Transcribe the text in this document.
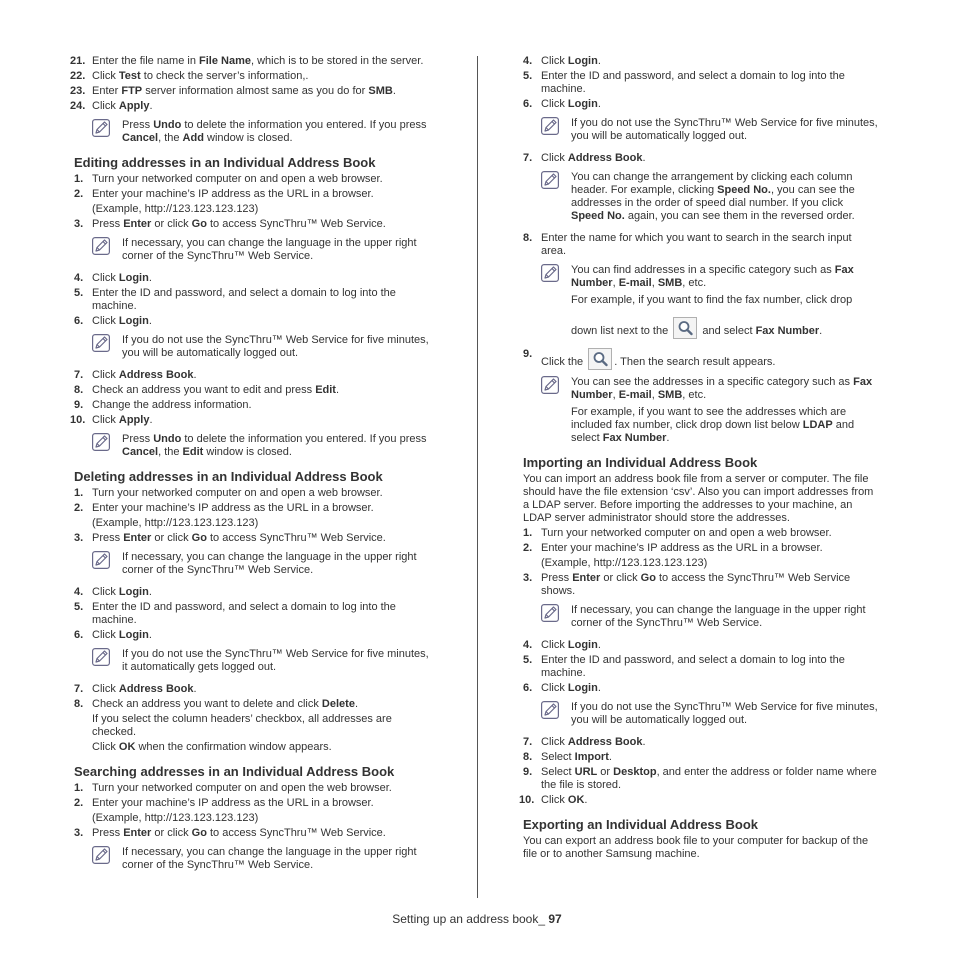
21. Enter the file name in File Name, which is to be stored in the server.
22. Click Test to check the server’s information,.
23. Enter FTP server information almost same as you do for SMB.
24. Click Apply.

Press Undo to delete the information you entered. If you press
Cancel, the Add window is closed.

Editing addresses in an Individual Address Book
1. Turn your networked computer on and open a web browser.
2. Enter your machine’s IP address as the URL in a browser.
(Example, http://123.123.123.123)
3. Press Enter or click Go to access SyncThru™ Web Service.

If necessary, you can change the language in the upper right
corner of the SyncThru™ Web Service.

4. Click Login.
5. Enter the ID and password, and select a domain to log into the
machine.
6. Click Login.

If you do not use the SyncThru™ Web Service for five minutes,
you will be automatically logged out.

7. Click Address Book.
8. Check an address you want to edit and press Edit.
9. Change the address information.
10. Click Apply.

Press Undo to delete the information you entered. If you press
Cancel, the Edit window is closed.

Deleting addresses in an Individual Address Book
1. Turn your networked computer on and open a web browser.
2. Enter your machine’s IP address as the URL in a browser.
(Example, http://123.123.123.123)
3. Press Enter or click Go to access SyncThru™ Web Service.

If necessary, you can change the language in the upper right
corner of the SyncThru™ Web Service.

4. Click Login.
5. Enter the ID and password, and select a domain to log into the
machine.
6. Click Login.

If you do not use the SyncThru™ Web Service for five minutes,
it automatically gets logged out.

7. Click Address Book.
8. Check an address you want to delete and click Delete.
If you select the column headers’ checkbox, all addresses are
checked.
Click OK when the confirmation window appears.
Searching addresses in an Individual Address Book
1. Turn your networked computer on and open the web browser.
2. Enter your machine’s IP address as the URL in a browser.
(Example, http://123.123.123.123)
3. Press Enter or click Go to access SyncThru™ Web Service.

If necessary, you can change the language in the upper right
corner of the SyncThru™ Web Service.

4. Click Login.
5. Enter the ID and password, and select a domain to log into the
machine.
6. Click Login.

If you do not use the SyncThru™ Web Service for five minutes,
you will be automatically logged out.

7. Click Address Book.

You can change the arrangement by clicking each column
header. For example, clicking Speed No., you can see the
addresses in the order of speed dial number. If you click
Speed No. again, you can see them in the reversed order.

8. Enter the name for which you want to search in the search input
area.

You can find addresses in a specific category such as Fax
Number, E-mail, SMB, etc.

For example, if you want to find the fax number, click drop

down list next to the	and select Fax Number.

9.
Click the	. Then the search result appears.

You can see the addresses in a specific category such as Fax
Number, E-mail, SMB, etc.

For example, if you want to see the addresses which are
included fax number, click drop down list below LDAP and
select Fax Number.

Importing an Individual Address Book
You can import an address book file from a server or computer. The file
should have the file extension ‘csv’. Also you can import addresses from
a LDAP server. Before importing the addresses to your machine, an
LDAP server administrator should store the addresses.
1. Turn your networked computer on and open a web browser.
2. Enter your machine’s IP address as the URL in a browser.
(Example, http://123.123.123.123)
3. Press Enter or click Go to access the SyncThru™ Web Service
shows.

If necessary, you can change the language in the upper right
corner of the SyncThru™ Web Service.

4. Click Login.
5. Enter the ID and password, and select a domain to log into the
machine.
6. Click Login.

If you do not use the SyncThru™ Web Service for five minutes,
you will be automatically logged out.

7. Click Address Book.
8. Select Import.
9. Select URL or Desktop, and enter the address or folder name where
the file is stored.
10. Click OK.
Exporting an Individual Address Book
You can export an address book file to your computer for backup of the
file or to another Samsung machine.
Setting up an address book_ 97
